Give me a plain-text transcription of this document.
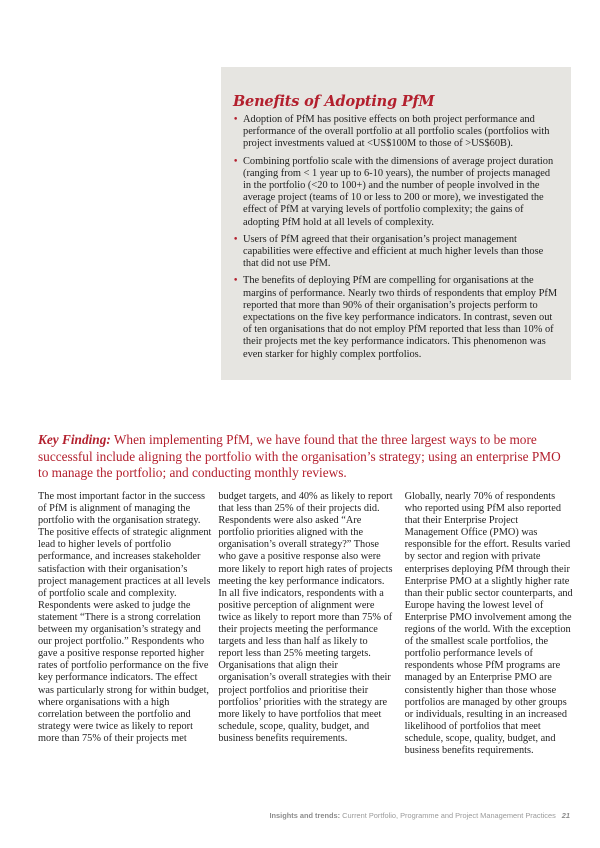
Benefits of Adopting PfM
• Adoption of PfM has positive effects on both project performance and performance of the overall portfolio at all portfolio scales (portfolios with project investments valued at <US$100M to those of >US$60B).
• Combining portfolio scale with the dimensions of average project duration (ranging from < 1 year up to 6-10 years), the number of projects managed in the portfolio (<20 to 100+) and the number of people involved in the average project (teams of 10 or less to 200 or more), we investigated the effect of PfM at varying levels of portfolio complexity; the gains of adopting PfM hold at all levels of complexity.
• Users of PfM agreed that their organisation’s project management capabilities were effective and efficient at much higher levels than those that did not use PfM.
• The benefits of deploying PfM are compelling for organisations at the margins of performance. Nearly two thirds of respondents that employ PfM reported that more than 90% of their organisation’s projects perform to expectations on the five key performance indicators. In contrast, seven out of ten organisations that do not employ PfM reported that less than 10% of their projects met the key performance indicators. This phenomenon was even starker for highly complex portfolios.

Key Finding: When implementing PfM, we have found that the three largest ways to be more successful include aligning the portfolio with the organisation’s strategy; using an enterprise PMO to manage the portfolio; and conducting monthly reviews.

The most important factor in the success of PfM is alignment of managing the portfolio with the organisation strategy. The positive effects of strategic alignment lead to higher levels of portfolio performance, and increases stakeholder satisfaction with their organisation’s project management practices at all levels of portfolio scale and complexity. Respondents were asked to judge the statement “There is a strong correlation between my organisation’s strategy and our project portfolio.” Respondents who gave a positive response reported higher rates of portfolio performance on the five key performance indicators. The effect was particularly strong for within budget, where organisations with a high correlation between the portfolio and strategy were twice as likely to report more than 75% of their projects met

budget targets, and 40% as likely to report that less than 25% of their projects did. Respondents were also asked “Are portfolio priorities aligned with the organisation’s overall strategy?” Those who gave a positive response also were more likely to report high rates of projects meeting the key performance indicators. In all five indicators, respondents with a positive perception of alignment were twice as likely to report more than 75% of their projects meeting the performance targets and less than half as likely to report less than 25% meeting targets. Organisations that align their organisation’s overall strategies with their project portfolios and prioritise their portfolios’ priorities with the strategy are more likely to have portfolios that meet schedule, scope, quality, budget, and business benefits requirements.

Globally, nearly 70% of respondents who reported using PfM also reported that their Enterprise Project Management Office (PMO) was responsible for the effort. Results varied by sector and region with private enterprises deploying PfM through their Enterprise PMO at a slightly higher rate than their public sector counterparts, and Europe having the lowest level of Enterprise PMO involvement among the regions of the world. With the exception of the smallest scale portfolios, the portfolio performance levels of respondents whose PfM programs are managed by an Enterprise PMO are consistently higher than those whose portfolios are managed by other groups or individuals, resulting in an increased likelihood of portfolios that meet schedule, scope, quality, budget, and business benefits requirements.

Insights and trends: Current Portfolio, Programme and Project Management Practices 21
